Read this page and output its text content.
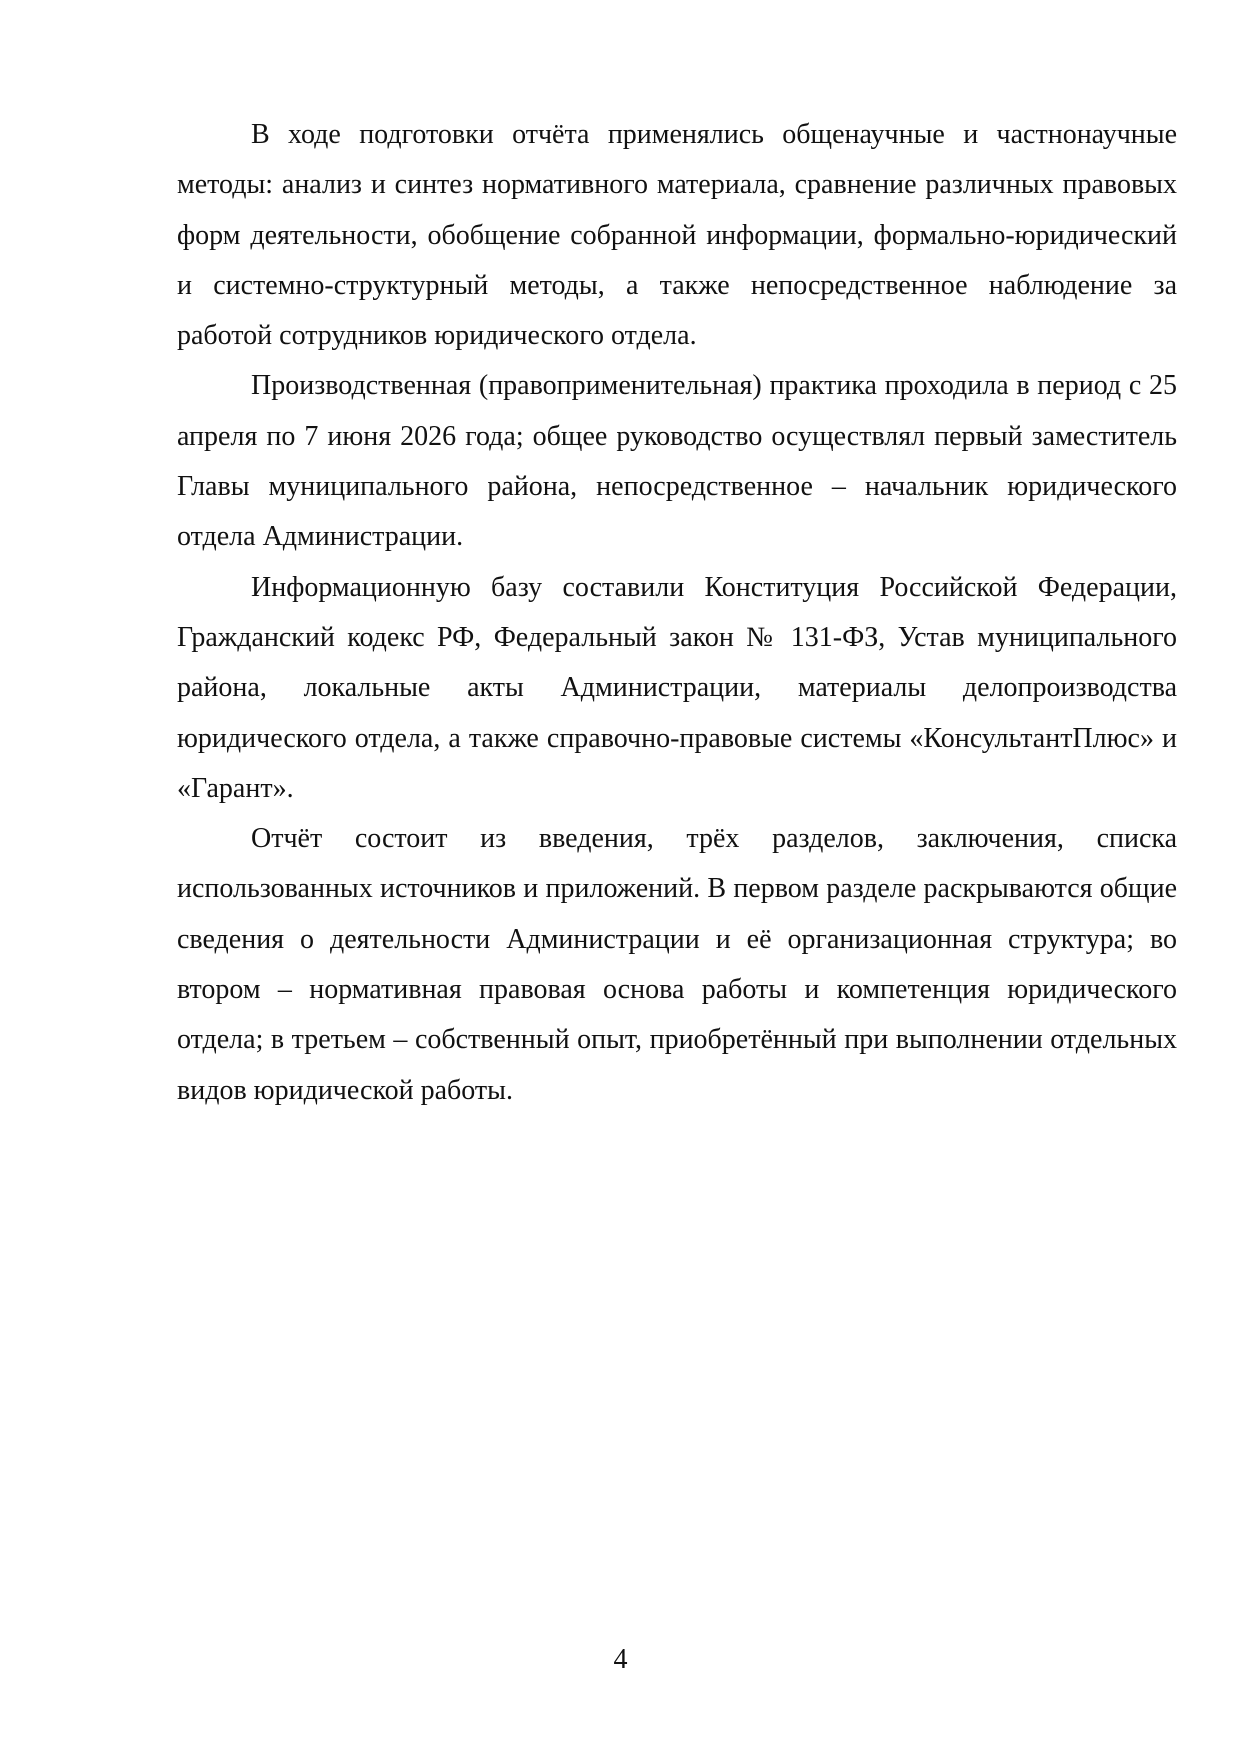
В ходе подготовки отчёта применялись общенаучные и частнонаучные методы: анализ и синтез нормативного материала, сравнение различных правовых форм деятельности, обобщение собранной информации, формально-юридический и системно-структурный методы, а также непосредственное наблюдение за работой сотрудников юридического отдела.

Производственная (правоприменительная) практика проходила в период с 25 апреля по 7 июня 2026 года; общее руководство осуществлял первый заместитель Главы муниципального района, непосредственное – начальник юридического отдела Администрации.

Информационную базу составили Конституция Российской Федерации, Гражданский кодекс РФ, Федеральный закон № 131-ФЗ, Устав муниципального района, локальные акты Администрации, материалы делопроизводства юридического отдела, а также справочно-правовые системы «КонсультантПлюс» и «Гарант».

Отчёт состоит из введения, трёх разделов, заключения, списка использованных источников и приложений. В первом разделе раскрываются общие сведения о деятельности Администрации и её организационная структура; во втором – нормативная правовая основа работы и компетенция юридического отдела; в третьем – собственный опыт, приобретённый при выполнении отдельных видов юридической работы.

4
